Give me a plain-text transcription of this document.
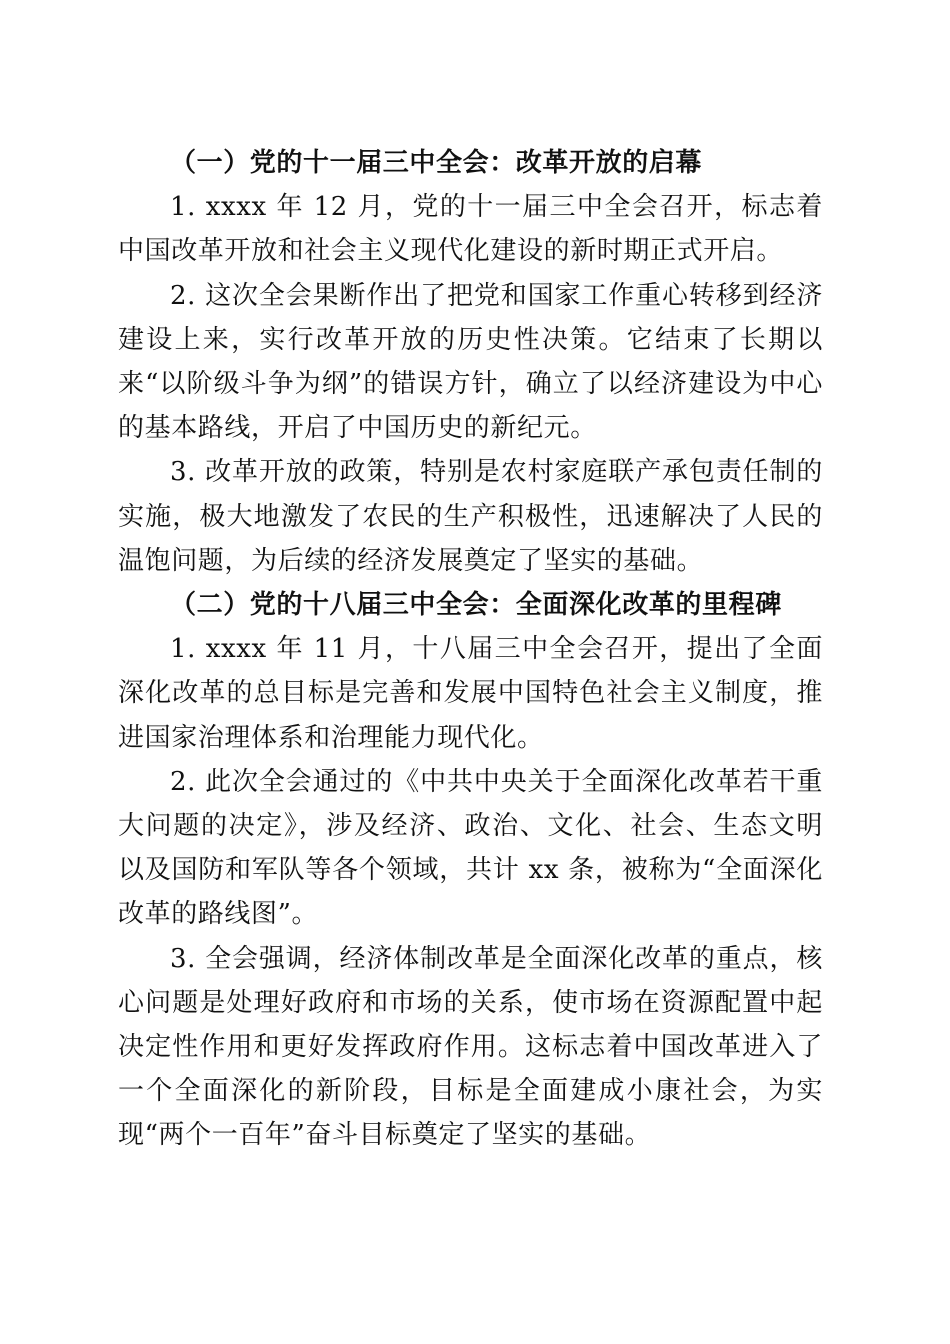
（一）党的十一届三中全会：改革开放的启幕

1. xxxx 年 12 月，党的十一届三中全会召开，标志着中国改革开放和社会主义现代化建设的新时期正式开启。

2. 这次全会果断作出了把党和国家工作重心转移到经济建设上来，实行改革开放的历史性决策。它结束了长期以来“以阶级斗争为纲”的错误方针，确立了以经济建设为中心的基本路线，开启了中国历史的新纪元。

3. 改革开放的政策，特别是农村家庭联产承包责任制的实施，极大地激发了农民的生产积极性，迅速解决了人民的温饱问题，为后续的经济发展奠定了坚实的基础。

（二）党的十八届三中全会：全面深化改革的里程碑

1. xxxx 年 11 月，十八届三中全会召开，提出了全面深化改革的总目标是完善和发展中国特色社会主义制度，推进国家治理体系和治理能力现代化。

2. 此次全会通过的《中共中央关于全面深化改革若干重大问题的决定》，涉及经济、政治、文化、社会、生态文明以及国防和军队等各个领域，共计 xx 条，被称为“全面深化改革的路线图”。

3. 全会强调，经济体制改革是全面深化改革的重点，核心问题是处理好政府和市场的关系，使市场在资源配置中起决定性作用和更好发挥政府作用。这标志着中国改革进入了一个全面深化的新阶段，目标是全面建成小康社会，为实现“两个一百年”奋斗目标奠定了坚实的基础。
